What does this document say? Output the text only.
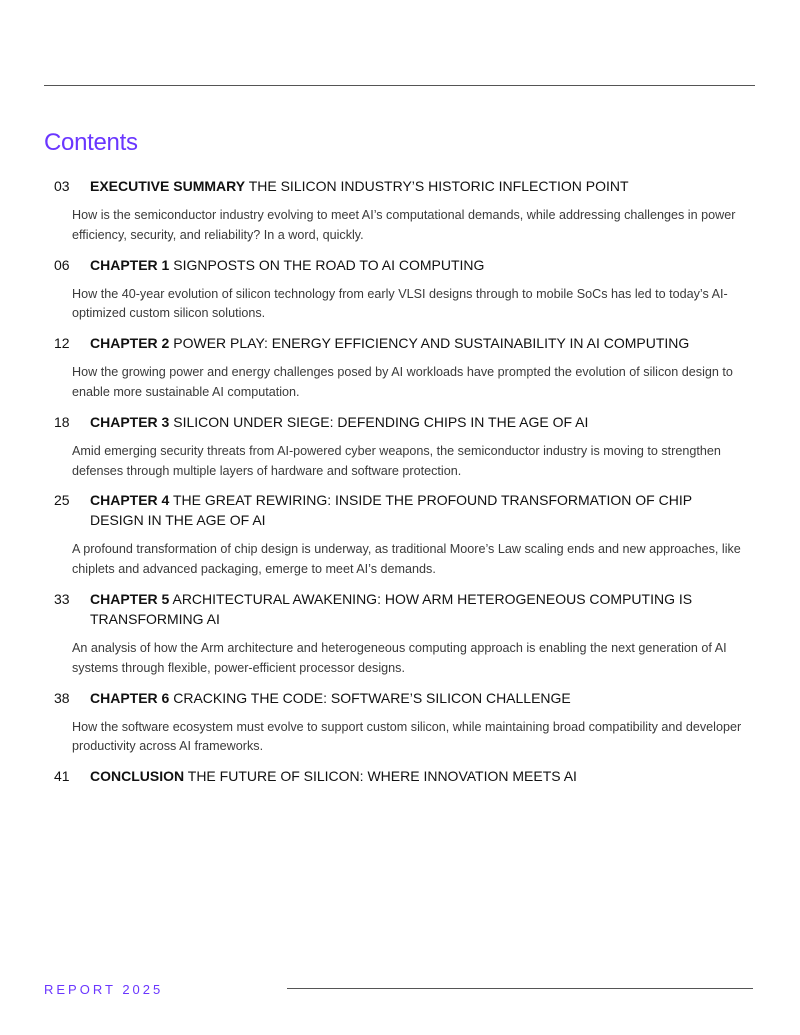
Contents
03	EXECUTIVE SUMMARY THE SILICON INDUSTRY’S HISTORIC INFLECTION POINT
How is the semiconductor industry evolving to meet AI’s computational demands, while addressing challenges in power efficiency, security, and reliability? In a word, quickly.
06	CHAPTER 1 SIGNPOSTS ON THE ROAD TO AI COMPUTING
How the 40-year evolution of silicon technology from early VLSI designs through to mobile SoCs has led to today’s AI-optimized custom silicon solutions.
12	CHAPTER 2 POWER PLAY: ENERGY EFFICIENCY AND SUSTAINABILITY IN AI COMPUTING
How the growing power and energy challenges posed by AI workloads have prompted the evolution of silicon design to enable more sustainable AI computation.
18	CHAPTER 3 SILICON UNDER SIEGE: DEFENDING CHIPS IN THE AGE OF AI
Amid emerging security threats from AI-powered cyber weapons, the semiconductor industry is moving to strengthen defenses through multiple layers of hardware and software protection.
25	CHAPTER 4 THE GREAT REWIRING: INSIDE THE PROFOUND TRANSFORMATION OF CHIP DESIGN IN THE AGE OF AI
A profound transformation of chip design is underway, as traditional Moore’s Law scaling ends and new approaches, like chiplets and advanced packaging, emerge to meet AI’s demands.
33	CHAPTER 5 ARCHITECTURAL AWAKENING: HOW ARM HETEROGENEOUS COMPUTING IS TRANSFORMING AI
An analysis of how the Arm architecture and heterogeneous computing approach is enabling the next generation of AI systems through flexible, power-efficient processor designs.
38	CHAPTER 6 CRACKING THE CODE: SOFTWARE’S SILICON CHALLENGE
How the software ecosystem must evolve to support custom silicon, while maintaining broad compatibility and developer productivity across AI frameworks.
41	CONCLUSION THE FUTURE OF SILICON: WHERE INNOVATION MEETS AI
REPORT 2025
